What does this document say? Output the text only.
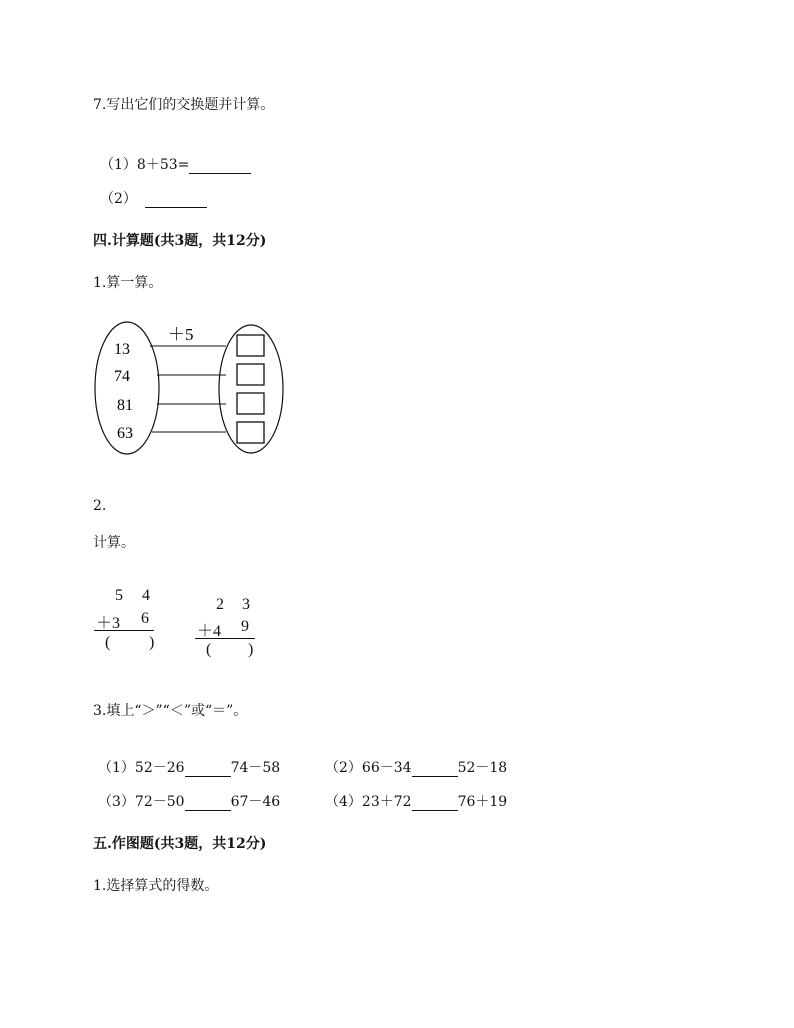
7.写出它们的交换题并计算。
（1）8＋53=
（2）
四.计算题(共3题，共12分)
1.算一算。
＋5
13
74
81
63
2.
计算。
5 4
＋3 6
( )
2 3
＋4 9
( )
3.填上“＞”“＜”或“＝”。
（1）52－26	74－58	（2）66－34	52－18
（3）72－50	67－46	（4）23＋72	76＋19
五.作图题(共3题，共12分)
1.选择算式的得数。
